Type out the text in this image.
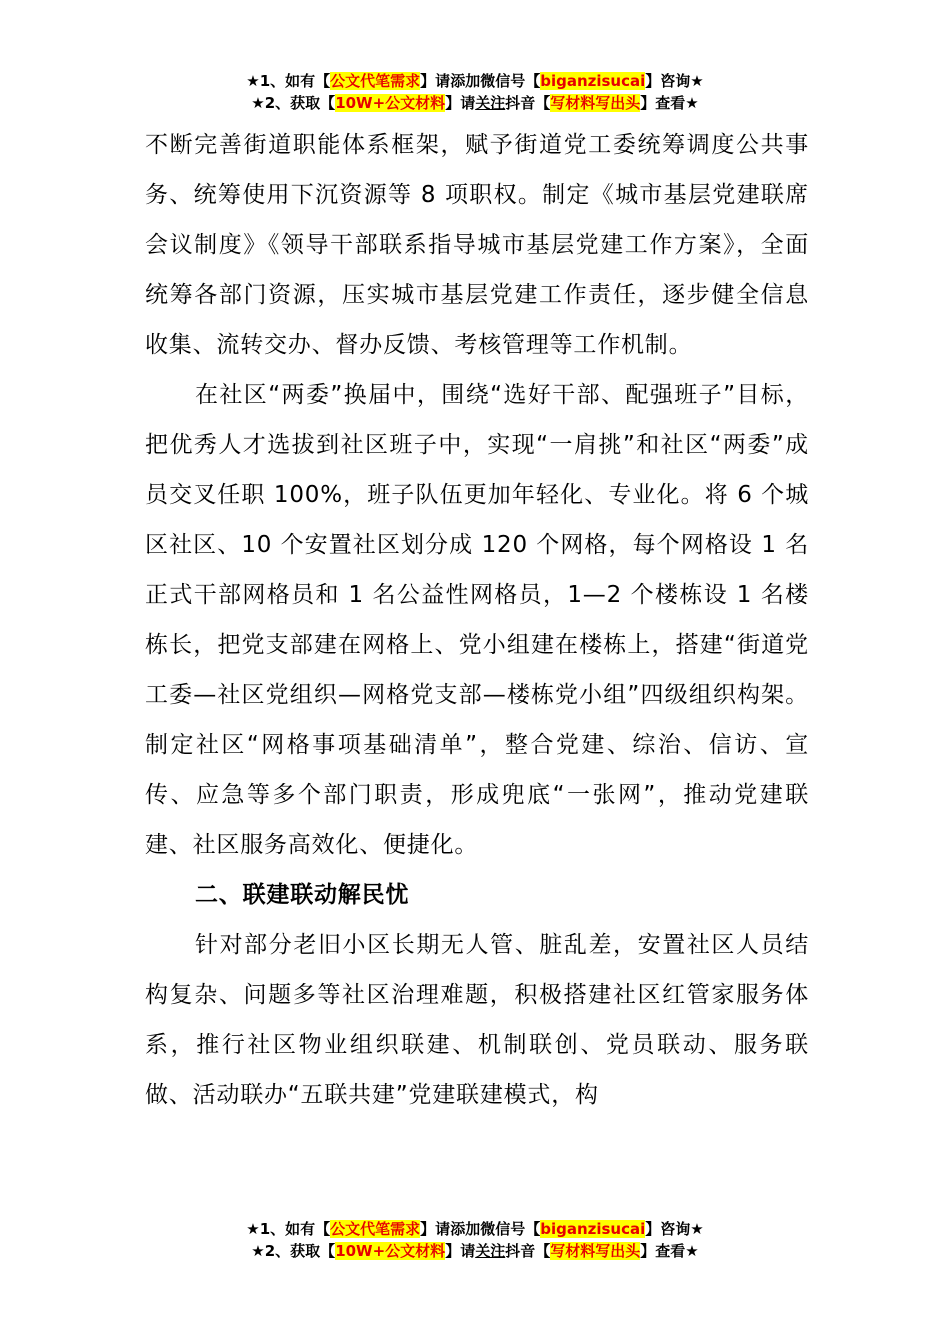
★1、如有【公文代笔需求】请添加微信号【biganzisucai】咨询★
★2、获取【10W+公文材料】请关注抖音【写材料写出头】查看★

不断完善街道职能体系框架，赋予街道党工委统筹调度公共事务、统筹使用下沉资源等 8 项职权。制定《城市基层党建联席会议制度》《领导干部联系指导城市基层党建工作方案》，全面统筹各部门资源，压实城市基层党建工作责任，逐步健全信息收集、流转交办、督办反馈、考核管理等工作机制。

在社区“两委”换届中，围绕“选好干部、配强班子”目标，把优秀人才选拔到社区班子中，实现“一肩挑”和社区“两委”成员交叉任职 100%，班子队伍更加年轻化、专业化。将 6 个城区社区、10 个安置社区划分成 120 个网格，每个网格设 1 名正式干部网格员和 1 名公益性网格员，1—2 个楼栋设 1 名楼栋长，把党支部建在网格上、党小组建在楼栋上，搭建“街道党工委—社区党组织—网格党支部—楼栋党小组”四级组织构架。制定社区“网格事项基础清单”，整合党建、综治、信访、宣传、应急等多个部门职责，形成兜底“一张网”，推动党建联建、社区服务高效化、便捷化。

二、联建联动解民忧

针对部分老旧小区长期无人管、脏乱差，安置社区人员结构复杂、问题多等社区治理难题，积极搭建社区红管家服务体系，推行社区物业组织联建、机制联创、党员联动、服务联做、活动联办“五联共建”党建联建模式，构

★1、如有【公文代笔需求】请添加微信号【biganzisucai】咨询★
★2、获取【10W+公文材料】请关注抖音【写材料写出头】查看★
